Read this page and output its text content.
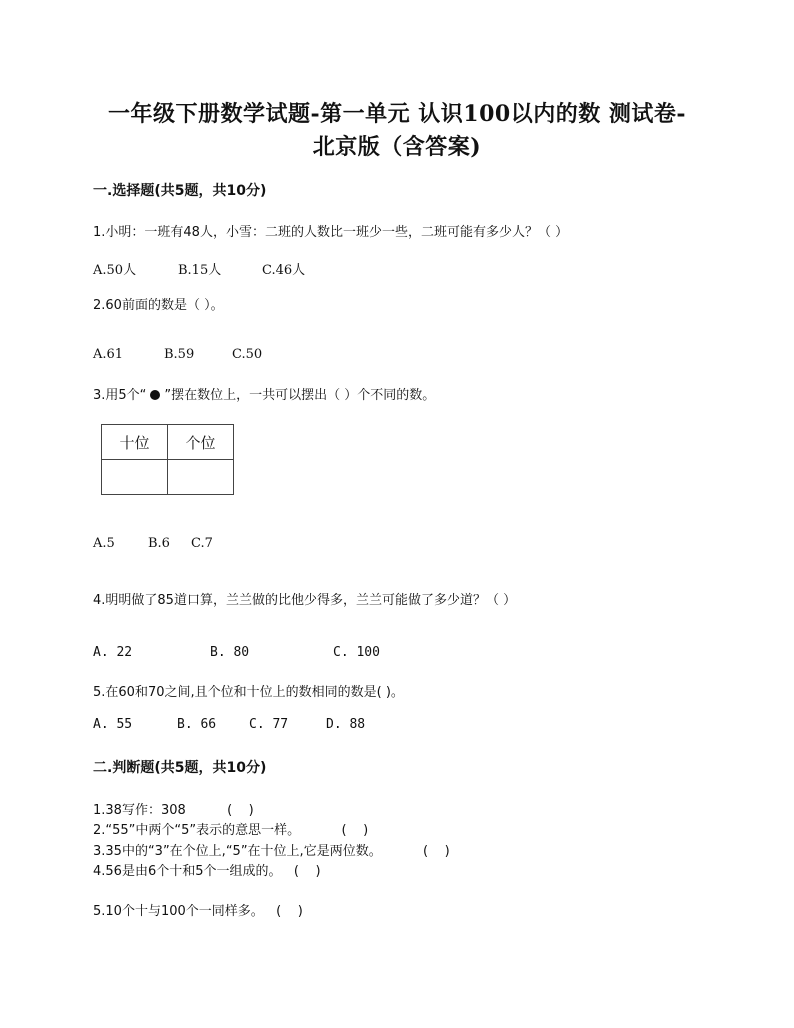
一年级下册数学试题-第一单元 认识100以内的数 测试卷-
北京版（含答案)
一.选择题(共5题，共10分)
1.小明：一班有48人，小雪：二班的人数比一班少一些，二班可能有多少人？（ ）
A.50人	B.15人	C.46人
2.60前面的数是（ ）。
A.61	B.59	C.50
3.用5个“ ”摆在数位上，一共可以摆出（ ）个不同的数。
十位	个位

A.5	B.6 C.7
4.明明做了85道口算，兰兰做的比他少得多，兰兰可能做了多少道？（ ）
A. 22	B. 80	C. 100
5.在60和70之间,且个位和十位上的数相同的数是( )。
A. 55	B. 66	C. 77	D. 88
二.判断题(共5题，共10分)
1.38写作：308          (    )
2.“55”中两个“5”表示的意思一样。          (    )
3.35中的“3”在个位上,“5”在十位上,它是两位数。          (    )
4.56是由6个十和5个一组成的。   (    )
5.10个十与100个一同样多。   (    )
